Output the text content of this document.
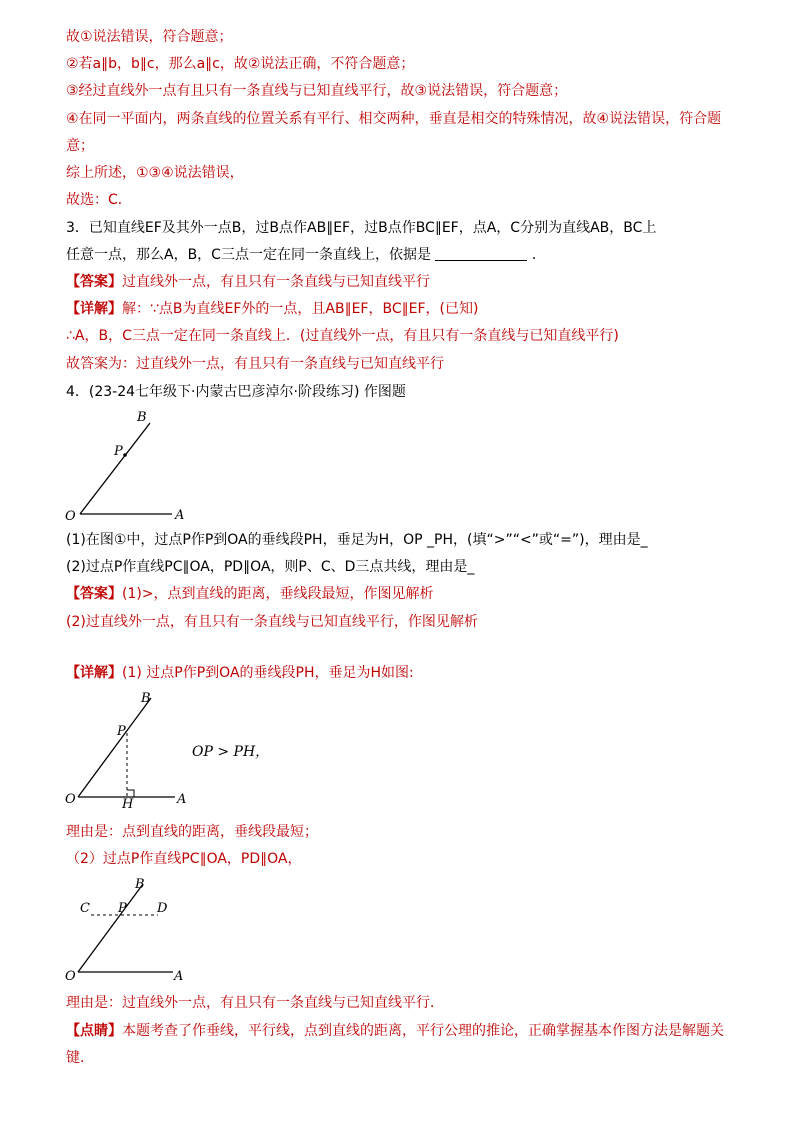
故①说法错误，符合题意；
②若a∥b，b∥c，那么a∥c，故②说法正确，不符合题意；
③经过直线外一点有且只有一条直线与已知直线平行，故③说法错误，符合题意；
④在同一平面内，两条直线的位置关系有平行、相交两种，垂直是相交的特殊情况，故④说法错误，符合题
意；
综上所述，①③④说法错误，
故选：C．
3．已知直线EF及其外一点B，过B点作AB∥EF，过B点作BC∥EF，点A，C分别为直线AB，BC上
任意一点，那么A，B，C三点一定在同一条直线上，依据是	．
【答案】过直线外一点，有且只有一条直线与已知直线平行
【详解】解：∵点B为直线EF外的一点，且AB∥EF，BC∥EF，(已知)
∴A，B，C三点一定在同一条直线上．(过直线外一点，有且只有一条直线与已知直线平行)
故答案为：过直线外一点，有且只有一条直线与已知直线平行
4．(23-24七年级下·内蒙古巴彦淖尔·阶段练习) 作图题
B
P
O	A
(1)在图①中，过点P作P到OA的垂线段PH，垂足为H，OP _PH，(填“>”“<”或“=”)，理由是_
(2)过点P作直线PC∥OA，PD∥OA，则P、C、D三点共线，理由是_
【答案】(1)>，点到直线的距离，垂线段最短，作图见解析
(2)过直线外一点，有且只有一条直线与已知直线平行，作图见解析
【详解】(1) 过点P作P到OA的垂线段PH，垂足为H如图:
B
P
O	A
H
OP > PH，
理由是：点到直线的距离，垂线段最短；
（2）过点P作直线PC∥OA，PD∥OA，
B
P
C	D
O	A
理由是：过直线外一点，有且只有一条直线与已知直线平行．
【点睛】本题考查了作垂线，平行线，点到直线的距离，平行公理的推论，正确掌握基本作图方法是解题关
键．
